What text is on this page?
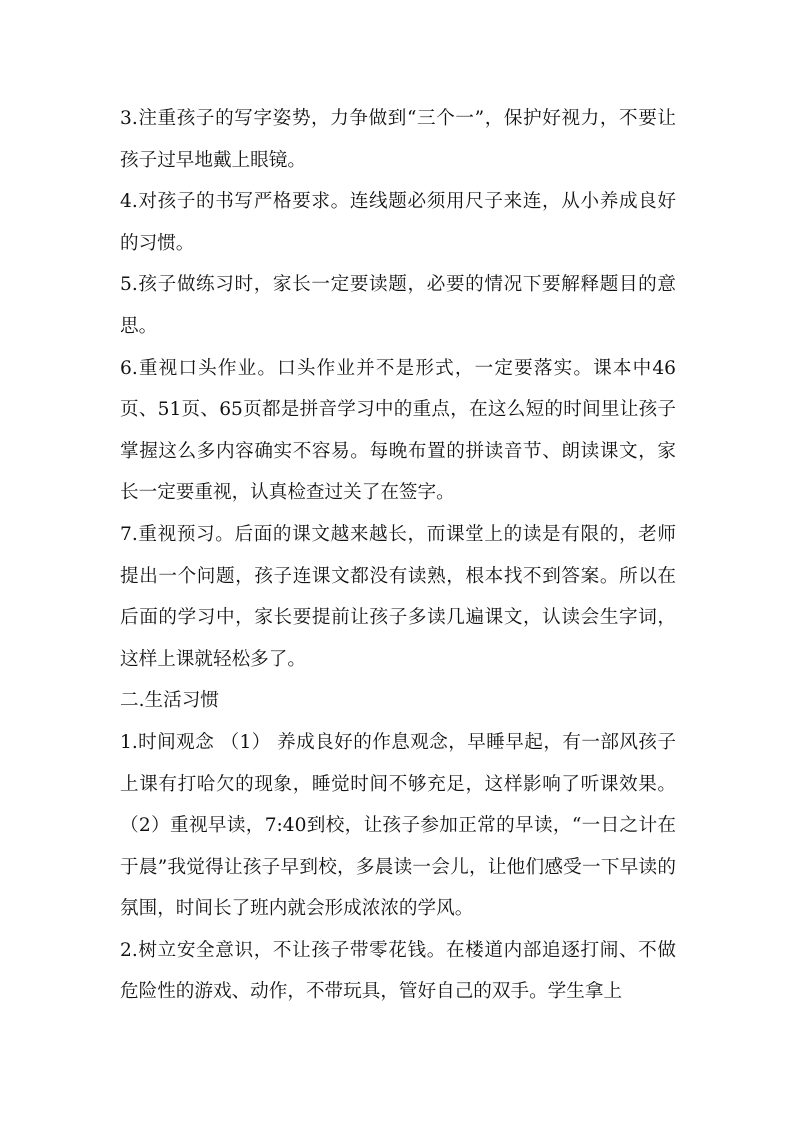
3.注重孩子的写字姿势，力争做到“三个一”，保护好视力，不要让孩子过早地戴上眼镜。

4.对孩子的书写严格要求。连线题必须用尺子来连，从小养成良好的习惯。

5.孩子做练习时，家长一定要读题，必要的情况下要解释题目的意思。

6.重视口头作业。口头作业并不是形式，一定要落实。课本中46页、51页、65页都是拼音学习中的重点，在这么短的时间里让孩子掌握这么多内容确实不容易。每晚布置的拼读音节、朗读课文，家长一定要重视，认真检查过关了在签字。

7.重视预习。后面的课文越来越长，而课堂上的读是有限的，老师提出一个问题，孩子连课文都没有读熟，根本找不到答案。所以在后面的学习中，家长要提前让孩子多读几遍课文，认读会生字词，这样上课就轻松多了。

二.生活习惯

1.时间观念 （1） 养成良好的作息观念，早睡早起，有一部风孩子上课有打哈欠的现象，睡觉时间不够充足，这样影响了听课效果。（2）重视早读，7:40到校，让孩子参加正常的早读，“一日之计在于晨”我觉得让孩子早到校，多晨读一会儿，让他们感受一下早读的氛围，时间长了班内就会形成浓浓的学风。

2.树立安全意识，不让孩子带零花钱。在楼道内部追逐打闹、不做危险性的游戏、动作，不带玩具，管好自己的双手。学生拿上
